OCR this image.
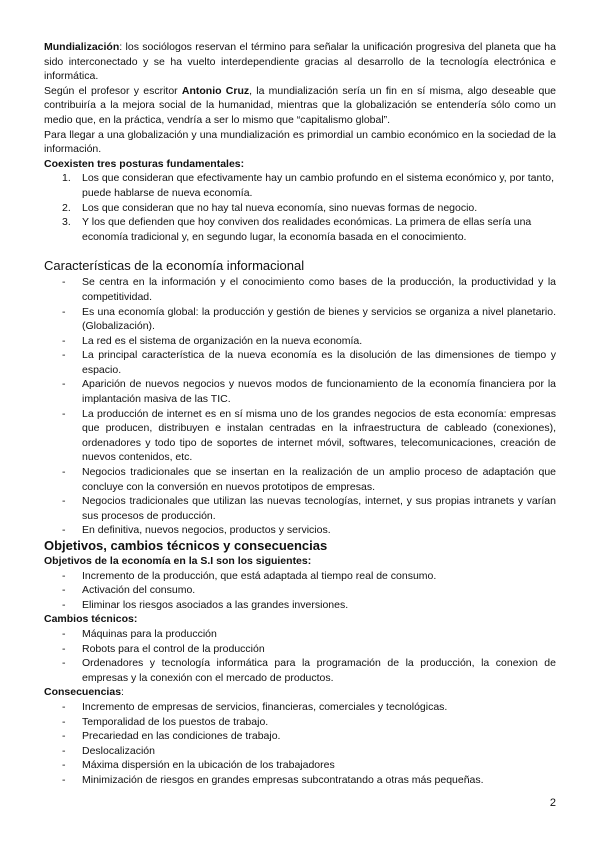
Mundialización: los sociólogos reservan el término para señalar la unificación progresiva del planeta que ha sido interconectado y se ha vuelto interdependiente gracias al desarrollo de la tecnología electrónica e informática.

Según el profesor y escritor Antonio Cruz, la mundialización sería un fin en sí misma, algo deseable que contribuiría a la mejora social de la humanidad, mientras que la globalización se entendería sólo como un medio que, en la práctica, vendría a ser lo mismo que “capitalismo global”.

Para llegar a una globalización y una mundialización es primordial un cambio económico en la sociedad de la información.

Coexisten tres posturas fundamentales:

1. Los que consideran que efectivamente hay un cambio profundo en el sistema económico y, por tanto, puede hablarse de nueva economía.
2. Los que consideran que no hay tal nueva economía, sino nuevas formas de negocio.
3. Y los que defienden que hoy conviven dos realidades económicas. La primera de ellas sería una economía tradicional y, en segundo lugar, la economía basada en el conocimiento.

Características de la economía informacional

- Se centra en la información y el conocimiento como bases de la producción, la productividad y la competitividad.
- Es una economía global: la producción y gestión de bienes y servicios se organiza a nivel planetario. (Globalización).
- La red es el sistema de organización en la nueva economía.
- La principal característica de la nueva economía es la disolución de las dimensiones de tiempo y espacio.
- Aparición de nuevos negocios y nuevos modos de funcionamiento de la economía financiera por la implantación masiva de las TIC.
- La producción de internet es en sí misma uno de los grandes negocios de esta economía: empresas que producen, distribuyen e instalan centradas en la infraestructura de cableado (conexiones), ordenadores y todo tipo de soportes de internet móvil, softwares, telecomunicaciones, creación de nuevos contenidos, etc.
- Negocios tradicionales que se insertan en la realización de un amplio proceso de adaptación que concluye con la conversión en nuevos prototipos de empresas.
- Negocios tradicionales que utilizan las nuevas tecnologías, internet, y sus propias intranets y varían sus procesos de producción.
- En definitiva, nuevos negocios, productos y servicios.

Objetivos, cambios técnicos y consecuencias

Objetivos de la economía en la S.I son los siguientes:

- Incremento de la producción, que está adaptada al tiempo real de consumo.
- Activación del consumo.
- Eliminar los riesgos asociados a las grandes inversiones.

Cambios técnicos:

- Máquinas para la producción
- Robots para el control de la producción
- Ordenadores y tecnología informática para la programación de la producción, la conexion de empresas y la conexión con el mercado de productos.

Consecuencias:

- Incremento de empresas de servicios, financieras, comerciales y tecnológicas.
- Temporalidad de los puestos de trabajo.
- Precariedad en las condiciones de trabajo.
- Deslocalización
- Máxima dispersión en la ubicación de los trabajadores
- Minimización de riesgos en grandes empresas subcontratando a otras más pequeñas.
2
